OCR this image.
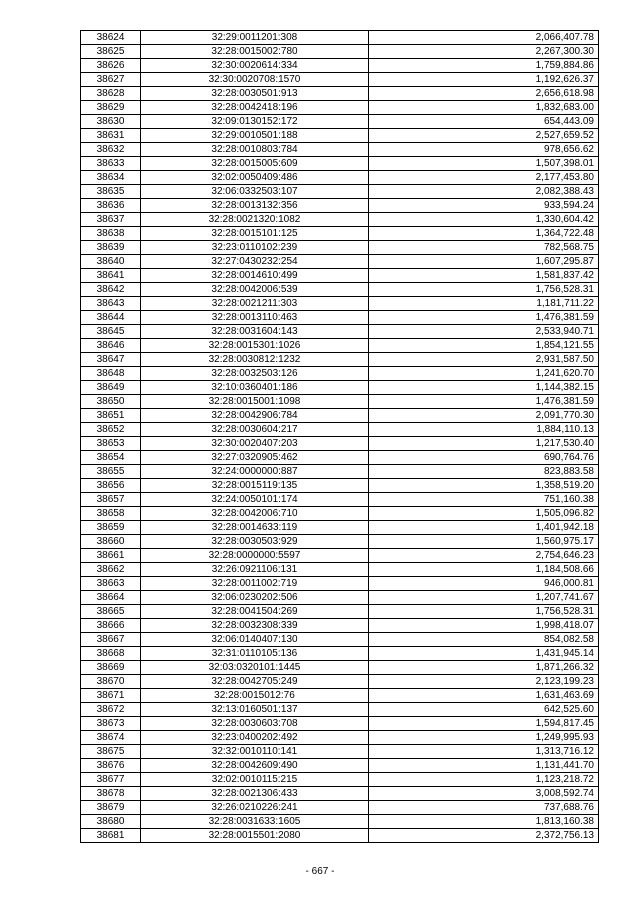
38624	32:29:0011201:308	2,066,407.78
38625	32:28:0015002:780	2,267,300.30
38626	32:30:0020614:334	1,759,884.86
38627	32:30:0020708:1570	1,192,626.37
38628	32:28:0030501:913	2,656,618.98
38629	32:28:0042418:196	1,832,683.00
38630	32:09:0130152:172	654,443.09
38631	32:29:0010501:188	2,527,659.52
38632	32:28:0010803:784	978,656.62
38633	32:28:0015005:609	1,507,398.01
38634	32:02:0050409:486	2,177,453.80
38635	32:06:0332503:107	2,082,388.43
38636	32:28:0013132:356	933,594.24
38637	32:28:0021320:1082	1,330,604.42
38638	32:28:0015101:125	1,364,722.48
38639	32:23:0110102:239	782,568.75
38640	32:27:0430232:254	1,607,295.87
38641	32:28:0014610:499	1,581,837.42
38642	32:28:0042006:539	1,756,528.31
38643	32:28:0021211:303	1,181,711.22
38644	32:28:0013110:463	1,476,381.59
38645	32:28:0031604:143	2,533,940.71
38646	32:28:0015301:1026	1,854,121.55
38647	32:28:0030812:1232	2,931,587.50
38648	32:28:0032503:126	1,241,620.70
38649	32:10:0360401:186	1,144,382.15
38650	32:28:0015001:1098	1,476,381.59
38651	32:28:0042906:784	2,091,770.30
38652	32:28:0030604:217	1,884,110.13
38653	32:30:0020407:203	1,217,530.40
38654	32:27:0320905:462	690,764.76
38655	32:24:0000000:887	823,883.58
38656	32:28:0015119:135	1,358,519.20
38657	32:24:0050101:174	751,160.38
38658	32:28:0042006:710	1,505,096.82
38659	32:28:0014633:119	1,401,942.18
38660	32:28:0030503:929	1,560,975.17
38661	32:28:0000000:5597	2,754,646.23
38662	32:26:0921106:131	1,184,508.66
38663	32:28:0011002:719	946,000.81
38664	32:06:0230202:506	1,207,741.67
38665	32:28:0041504:269	1,756,528.31
38666	32:28:0032308:339	1,998,418.07
38667	32:06:0140407:130	854,082.58
38668	32:31:0110105:136	1,431,945.14
38669	32:03:0320101:1445	1,871,266.32
38670	32:28:0042705:249	2,123,199.23
38671	32:28:0015012:76	1,631,463.69
38672	32:13:0160501:137	642,525.60
38673	32:28:0030603:708	1,594,817.45
38674	32:23:0400202:492	1,249,995.93
38675	32:32:0010110:141	1,313,716.12
38676	32:28:0042609:490	1,131,441.70
38677	32:02:0010115:215	1,123,218.72
38678	32:28:0021306:433	3,008,592.74
38679	32:26:0210226:241	737,688.76
38680	32:28:0031633:1605	1,813,160.38
38681	32:28:0015501:2080	2,372,756.13
- 667 -
